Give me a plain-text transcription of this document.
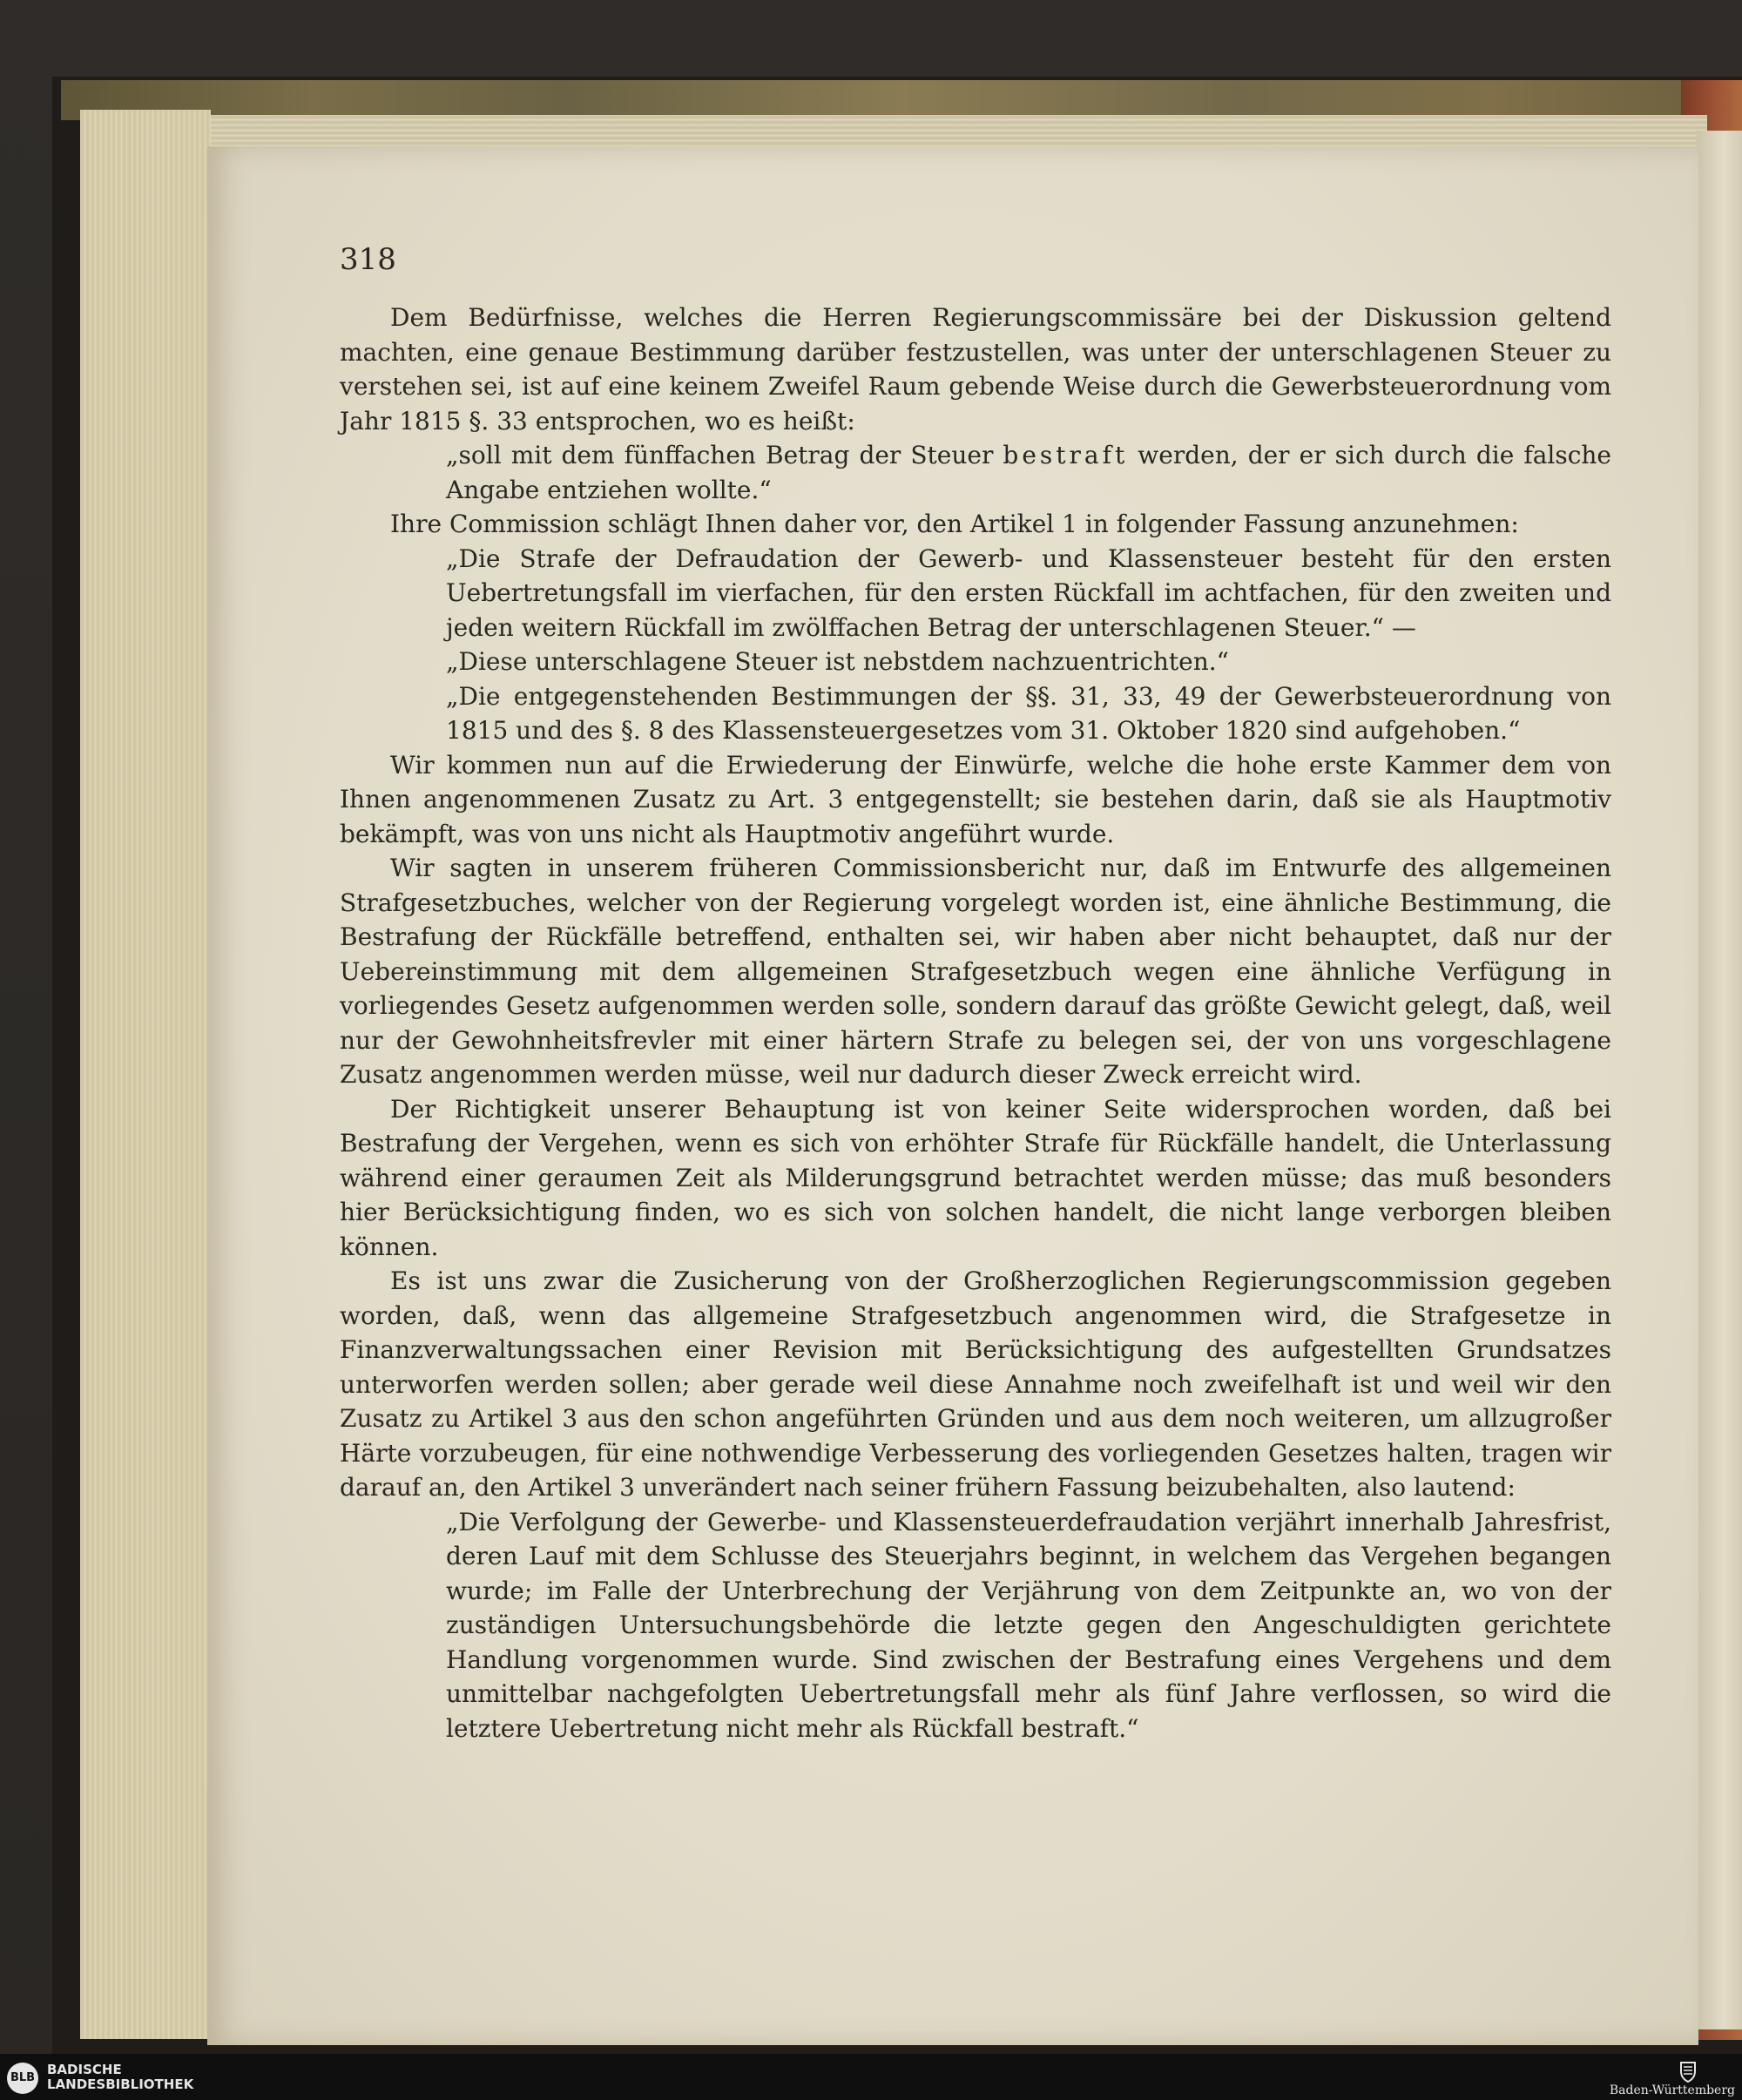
318

Dem Bedürfnisse, welches die Herren Regierungscommissäre bei der Diskussion geltend machten, eine genaue Bestimmung darüber festzustellen, was unter der unterschlagenen Steuer zu verstehen sei, ist auf eine keinem Zweifel Raum gebende Weise durch die Gewerbsteuerordnung vom Jahr 1815 §. 33 entsprochen, wo es heißt:

„soll mit dem fünffachen Betrag der Steuer bestraft werden, der er sich durch die falsche Angabe entziehen wollte.“

Ihre Commission schlägt Ihnen daher vor, den Artikel 1 in folgender Fassung anzunehmen:

„Die Strafe der Defraudation der Gewerb- und Klassensteuer besteht für den ersten Uebertretungsfall im vierfachen, für den ersten Rückfall im achtfachen, für den zweiten und jeden weitern Rückfall im zwölffachen Betrag der unterschlagenen Steuer.“ —

„Diese unterschlagene Steuer ist nebstdem nachzuentrichten.“

„Die entgegenstehenden Bestimmungen der §§. 31, 33, 49 der Gewerbsteuerordnung von 1815 und des §. 8 des Klassensteuergesetzes vom 31. Oktober 1820 sind aufgehoben.“

Wir kommen nun auf die Erwiederung der Einwürfe, welche die hohe erste Kammer dem von Ihnen angenommenen Zusatz zu Art. 3 entgegenstellt; sie bestehen darin, daß sie als Hauptmotiv bekämpft, was von uns nicht als Hauptmotiv angeführt wurde.

Wir sagten in unserem früheren Commissionsbericht nur, daß im Entwurfe des allgemeinen Strafgesetzbuches, welcher von der Regierung vorgelegt worden ist, eine ähnliche Bestimmung, die Bestrafung der Rückfälle betreffend, enthalten sei, wir haben aber nicht behauptet, daß nur der Uebereinstimmung mit dem allgemeinen Strafgesetzbuch wegen eine ähnliche Verfügung in vorliegendes Gesetz aufgenommen werden solle, sondern darauf das größte Gewicht gelegt, daß, weil nur der Gewohnheitsfrevler mit einer härtern Strafe zu belegen sei, der von uns vorgeschlagene Zusatz angenommen werden müsse, weil nur dadurch dieser Zweck erreicht wird.

Der Richtigkeit unserer Behauptung ist von keiner Seite widersprochen worden, daß bei Bestrafung der Vergehen, wenn es sich von erhöhter Strafe für Rückfälle handelt, die Unterlassung während einer geraumen Zeit als Milderungsgrund betrachtet werden müsse; das muß besonders hier Berücksichtigung finden, wo es sich von solchen handelt, die nicht lange verborgen bleiben können.

Es ist uns zwar die Zusicherung von der Großherzoglichen Regierungscommission gegeben worden, daß, wenn das allgemeine Strafgesetzbuch angenommen wird, die Strafgesetze in Finanzverwaltungssachen einer Revision mit Berücksichtigung des aufgestellten Grundsatzes unterworfen werden sollen; aber gerade weil diese Annahme noch zweifelhaft ist und weil wir den Zusatz zu Artikel 3 aus den schon angeführten Gründen und aus dem noch weiteren, um allzugroßer Härte vorzubeugen, für eine nothwendige Verbesserung des vorliegenden Gesetzes halten, tragen wir darauf an, den Artikel 3 unverändert nach seiner frühern Fassung beizubehalten, also lautend:

„Die Verfolgung der Gewerbe- und Klassensteuerdefraudation verjährt innerhalb Jahresfrist, deren Lauf mit dem Schlusse des Steuerjahrs beginnt, in welchem das Vergehen begangen wurde; im Falle der Unterbrechung der Verjährung von dem Zeitpunkte an, wo von der zuständigen Untersuchungsbehörde die letzte gegen den Angeschuldigten gerichtete Handlung vorgenommen wurde. Sind zwischen der Bestrafung eines Vergehens und dem unmittelbar nachgefolgten Uebertretungsfall mehr als fünf Jahre verflossen, so wird die letztere Uebertretung nicht mehr als Rückfall bestraft.“

BLB
BADISCHE
LANDESBIBLIOTHEK	Baden-Württemberg
